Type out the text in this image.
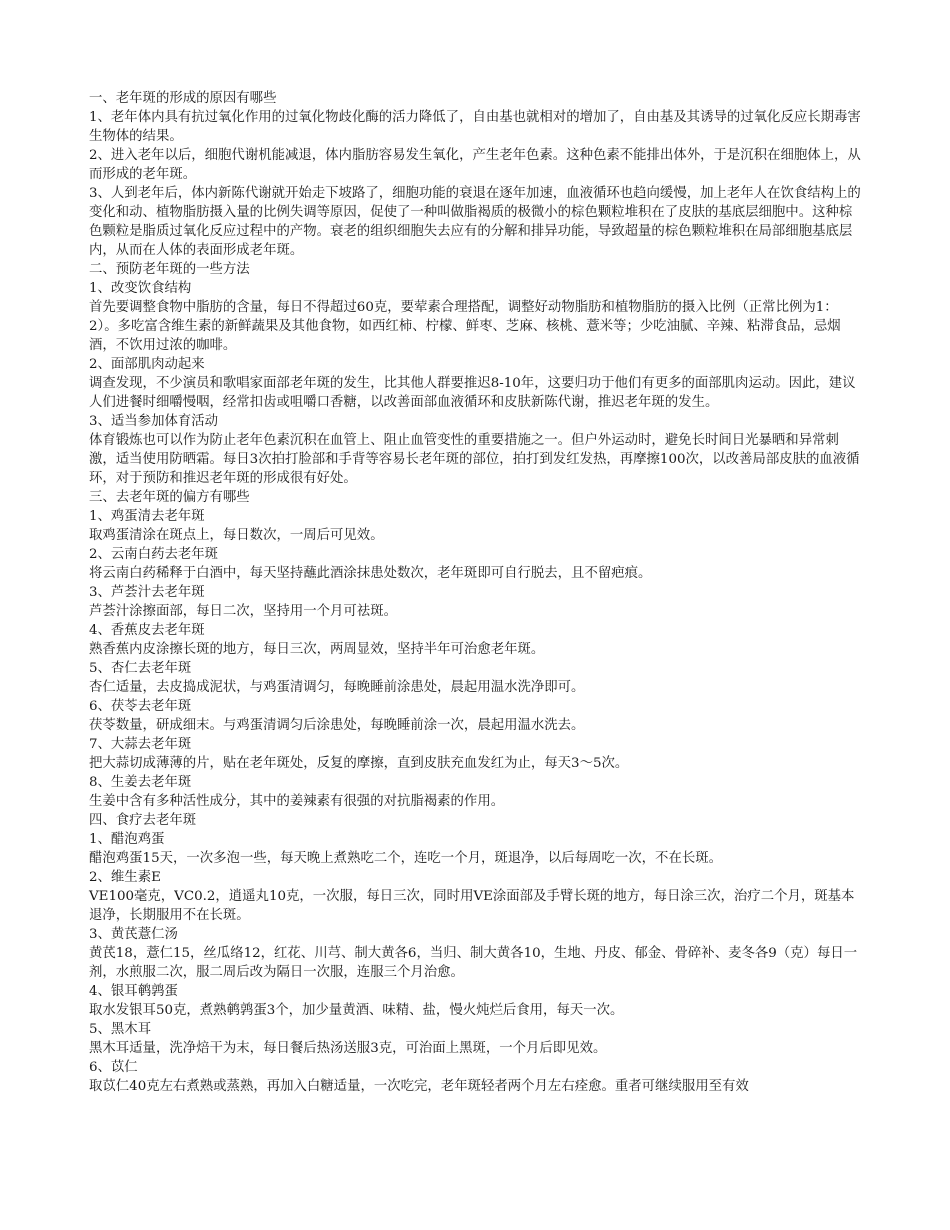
一、老年斑的形成的原因有哪些

1、老年体内具有抗过氧化作用的过氧化物歧化酶的活力降低了，自由基也就相对的增加了，自由基及其诱导的过氧化反应长期毒害生物体的结果。

2、进入老年以后，细胞代谢机能减退，体内脂肪容易发生氧化，产生老年色素。这种色素不能排出体外，于是沉积在细胞体上，从而形成的老年斑。

3、人到老年后，体内新陈代谢就开始走下坡路了，细胞功能的衰退在逐年加速，血液循环也趋向缓慢，加上老年人在饮食结构上的变化和动、植物脂肪摄入量的比例失调等原因，促使了一种叫做脂褐质的极微小的棕色颗粒堆积在了皮肤的基底层细胞中。这种棕色颗粒是脂质过氧化反应过程中的产物。衰老的组织细胞失去应有的分解和排异功能，导致超量的棕色颗粒堆积在局部细胞基底层内，从而在人体的表面形成老年斑。

二、预防老年斑的一些方法

1、改变饮食结构

首先要调整食物中脂肪的含量，每日不得超过60克，要荤素合理搭配，调整好动物脂肪和植物脂肪的摄入比例（正常比例为1：2）。多吃富含维生素的新鲜蔬果及其他食物，如西红柿、柠檬、鲜枣、芝麻、核桃、薏米等；少吃油腻、辛辣、粘滞食品，忌烟酒，不饮用过浓的咖啡。

2、面部肌肉动起来

调查发现，不少演员和歌唱家面部老年斑的发生，比其他人群要推迟8-10年，这要归功于他们有更多的面部肌肉运动。因此，建议人们进餐时细嚼慢咽，经常扣齿或咀嚼口香糖，以改善面部血液循环和皮肤新陈代谢，推迟老年斑的发生。

3、适当参加体育活动

体育锻炼也可以作为防止老年色素沉积在血管上、阻止血管变性的重要措施之一。但户外运动时，避免长时间日光暴晒和异常刺激，适当使用防晒霜。每日3次拍打脸部和手背等容易长老年斑的部位，拍打到发红发热，再摩擦100次，以改善局部皮肤的血液循环，对于预防和推迟老年斑的形成很有好处。

三、去老年斑的偏方有哪些

1、鸡蛋清去老年斑

取鸡蛋清涂在斑点上，每日数次，一周后可见效。

2、云南白药去老年斑

将云南白药稀释于白酒中，每天坚持蘸此酒涂抹患处数次，老年斑即可自行脱去，且不留疤痕。

3、芦荟汁去老年斑

芦荟汁涂擦面部，每日二次，坚持用一个月可祛斑。

4、香蕉皮去老年斑

熟香蕉内皮涂擦长斑的地方，每日三次，两周显效，坚持半年可治愈老年斑。

5、杏仁去老年斑

杏仁适量，去皮捣成泥状，与鸡蛋清调匀，每晚睡前涂患处，晨起用温水洗净即可。

6、茯苓去老年斑

茯苓数量，研成细末。与鸡蛋清调匀后涂患处，每晚睡前涂一次，晨起用温水洗去。

7、大蒜去老年斑

把大蒜切成薄薄的片，贴在老年斑处，反复的摩擦，直到皮肤充血发红为止，每天3～5次。

8、生姜去老年斑

生姜中含有多种活性成分，其中的姜辣素有很强的对抗脂褐素的作用。

四、食疗去老年斑

1、醋泡鸡蛋

醋泡鸡蛋15天，一次多泡一些，每天晚上煮熟吃二个，连吃一个月，斑退净，以后每周吃一次，不在长斑。

2、维生素E

VE100毫克，VC0.2，逍遥丸10克，一次服，每日三次，同时用VE涂面部及手臂长斑的地方，每日涂三次，治疗二个月，斑基本退净，长期服用不在长斑。

3、黄芪薏仁汤

黄芪18，薏仁15，丝瓜络12，红花、川芎、制大黄各6，当归、制大黄各10，生地、丹皮、郁金、骨碎补、麦冬各9（克）每日一剂，水煎服二次，服二周后改为隔日一次服，连服三个月治愈。

4、银耳鹌鹑蛋

取水发银耳50克，煮熟鹌鹑蛋3个，加少量黄酒、味精、盐，慢火炖烂后食用，每天一次。

5、黑木耳

黑木耳适量，洗净焙干为末，每日餐后热汤送服3克，可治面上黑斑，一个月后即见效。

6、苡仁

取苡仁40克左右煮熟或蒸熟，再加入白糖适量，一次吃完，老年斑轻者两个月左右痊愈。重者可继续服用至有效
